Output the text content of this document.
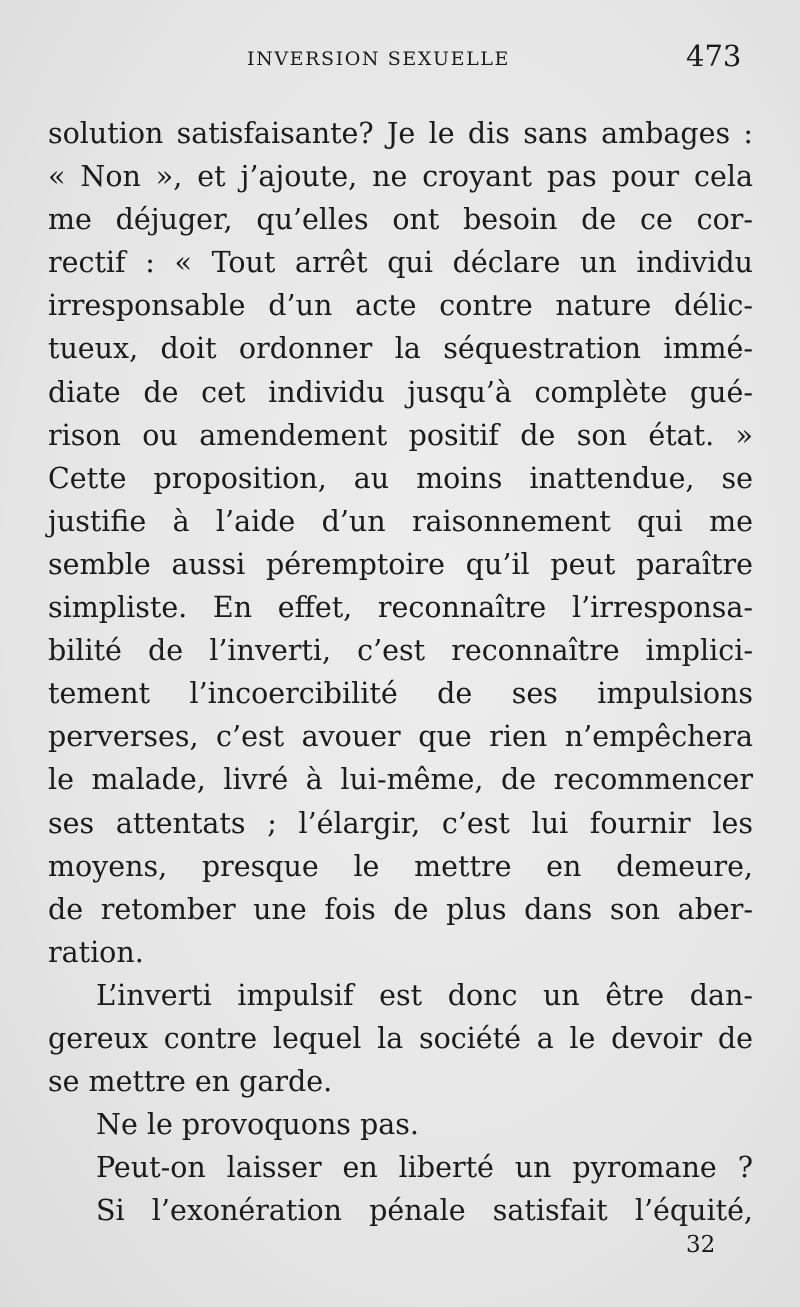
INVERSION SEXUELLE	473
solution satisfaisante? Je le dis sans ambages :
« Non », et j’ajoute, ne croyant pas pour cela
me déjuger, qu’elles ont besoin de ce cor-
rectif : « Tout arrêt qui déclare un individu
irresponsable d’un acte contre nature délic-
tueux, doit ordonner la séquestration immé-
diate de cet individu jusqu’à complète gué-
rison ou amendement positif de son état. »
Cette proposition, au moins inattendue, se
justifie à l’aide d’un raisonnement qui me
semble aussi péremptoire qu’il peut paraître
simpliste. En effet, reconnaître l’irresponsa-
bilité de l’inverti, c’est reconnaître implici-
tement l’incoercibilité de ses impulsions
perverses, c’est avouer que rien n’empêchera
le malade, livré à lui-même, de recommencer
ses attentats ; l’élargir, c’est lui fournir les
moyens, presque le mettre en demeure,
de retomber une fois de plus dans son aber-
ration.
L’inverti impulsif est donc un être dan-
gereux contre lequel la société a le devoir de
se mettre en garde.
Ne le provoquons pas.
Peut-on laisser en liberté un pyromane ?
Si l’exonération pénale satisfait l’équité,
32
